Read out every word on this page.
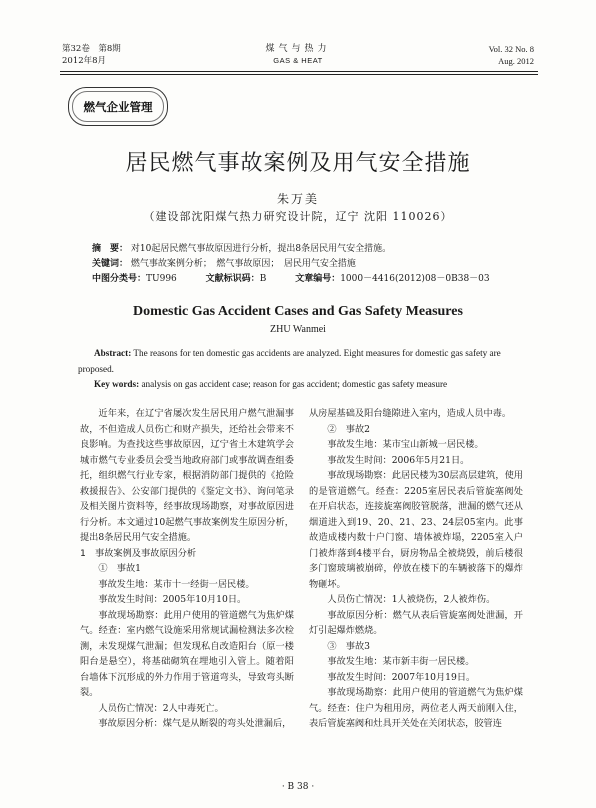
第32卷　第8期
2012年8月
煤气与热力
GAS & HEAT
Vol. 32 No. 8
Aug. 2012
燃气企业管理
居民燃气事故案例及用气安全措施
朱万美
（建设部沈阳煤气热力研究设计院，辽宁 沈阳 110026）
摘　要： 对10起居民燃气事故原因进行分析，提出8条居民用气安全措施。
关键词： 燃气事故案例分析；　燃气事故原因；　居民用气安全措施
中图分类号：TU996	文献标识码：B	文章编号：1000－4416(2012)08－0B38－03
Domestic Gas Accident Cases and Gas Safety Measures
ZHU Wanmei
Abstract: The reasons for ten domestic gas accidents are analyzed. Eight measures for domestic gas safety are proposed.
Key words: analysis on gas accident case; reason for gas accident; domestic gas safety measure

近年来，在辽宁省屡次发生居民用户燃气泄漏事故，不但造成人员伤亡和财产损失，还给社会带来不良影响。为查找这些事故原因，辽宁省土木建筑学会城市燃气专业委员会受当地政府部门或事故调查组委托，组织燃气行业专家，根据消防部门提供的《抢险救援报告》、公安部门提供的《鉴定文书》、询问笔录及相关图片资料等，经事故现场勘察，对事故原因进行分析。本文通过10起燃气事故案例发生原因分析，提出8条居民用气安全措施。

1　事故案例及事故原因分析

①　事故1

事故发生地：某市十一经街一居民楼。

事故发生时间：2005年10月10日。

事故现场勘察：此用户使用的管道燃气为焦炉煤气。经查：室内燃气设施采用常规试漏检测法多次检测，未发现煤气泄漏；但发现私自改造阳台（原一楼阳台是悬空），将基础砌筑在埋地引入管上。随着阳台墙体下沉形成的外力作用于管道弯头，导致弯头断裂。

人员伤亡情况：2人中毒死亡。

事故原因分析：煤气是从断裂的弯头处泄漏后，

从房屋基础及阳台缝隙进入室内，造成人员中毒。

②　事故2

事故发生地：某市宝山新城一居民楼。

事故发生时间：2006年5月21日。

事故现场勘察：此居民楼为30层高层建筑，使用的是管道燃气。经查：2205室居民表后管旋塞阀处在开启状态，连接旋塞阀胶管脱落，泄漏的燃气还从烟道进入到19、20、21、23、24层05室内。此事故造成楼内数十户门窗、墙体被炸塌，2205室入户门被炸落到4楼平台，厨房物品全被烧毁，前后楼很多门窗玻璃被崩碎，停放在楼下的车辆被落下的爆炸物砸坏。

人员伤亡情况：1人被烧伤，2人被炸伤。

事故原因分析：燃气从表后管旋塞阀处泄漏，开灯引起爆炸燃烧。

③　事故3

事故发生地：某市新丰街一居民楼。

事故发生时间：2007年10月19日。

事故现场勘察：此用户使用的管道燃气为焦炉煤气。经查：住户为租用房，两位老人两天前刚入住，表后管旋塞阀和灶具开关处在关闭状态，胶管连

· B 38 ·
